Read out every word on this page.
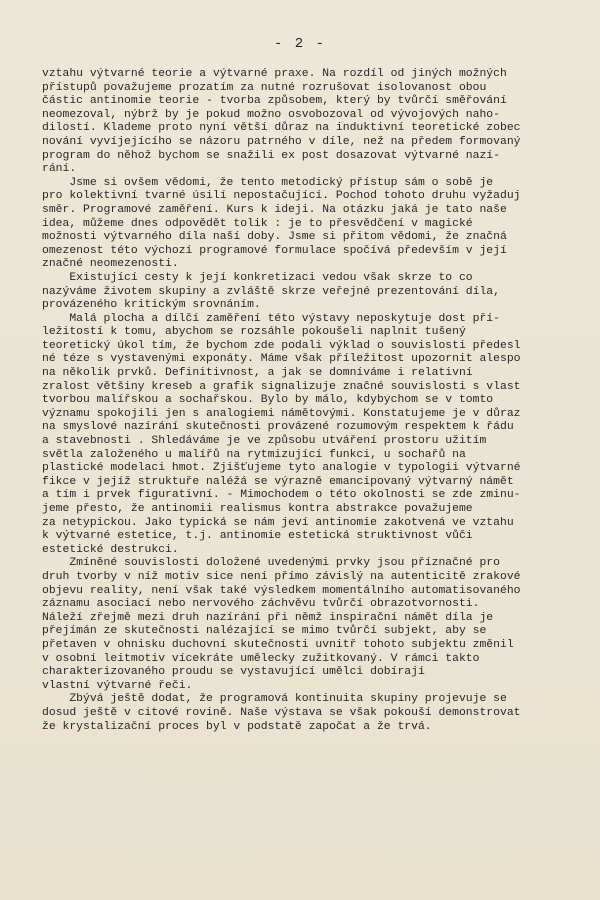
- 2 -
vztahu výtvarné teorie a výtvarné praxe. Na rozdíl od jiných možných
přístupů považujeme prozatím za nutné rozrušovat isolovanost obou
částic antinomie teorie - tvorba způsobem, který by tvůrčí směřování
neomezoval, nýbrž by je pokud možno osvobozoval od vývojových naho-
dilostí. Klademe proto nyní větší důraz na induktivní teoretické zobec
nování vyvíjejícího se názoru patrného v díle, než na předem formovaný
program do něhož bychom se snažili ex post dosazovat výtvarné nazí-
rání.
Jsme si ovšem vědomi, že tento metodický přístup sám o sobě je
pro kolektivní tvarné úsilí nepostačující. Pochod tohoto druhu vyžaduj
směr. Programové zaměření. Kurs k ideji. Na otázku jaká je tato naše
idea, můžeme dnes odpovědět tolik : je to přesvědčení v magické
možnosti výtvarného díla naší doby. Jsme si přitom vědomi, že značná
omezenost této výchozí programové formulace spočívá především v její
značné neomezenosti.
Existující cesty k její konkretizaci vedou však skrze to co
nazýváme životem skupiny a zvláště skrze veřejné prezentování díla,
provázeného kritickým srovnáním.
Malá plocha a dílčí zaměření této výstavy neposkytuje dost pří-
ležitostí k tomu, abychom se rozsáhle pokoušeli naplnit tušený
teoretický úkol tím, že bychom zde podali výklad o souvislosti předesl
né téze s vystavenými exponáty. Máme však příležitost upozornit alespo
na několik prvků. Definitivnost, a jak se domníváme i relativní
zralost většiny kreseb a grafik signalizuje značné souvislosti s vlast
tvorbou malířskou a sochařskou. Bylo by málo, kdybychom se v tomto
významu spokojili jen s analogiemi námětovými. Konstatujeme je v důraz
na smyslové nazírání skutečnosti provázené rozumovým respektem k řádu
a stavebnosti . Shledáváme je ve způsobu utváření prostoru užitím
světla založeného u malířů na rytmizující funkci, u sochařů na
plastické modelaci hmot. Zjišťujeme tyto analogie v typologii výtvarné
fikce v jejíž struktuře naléžá se výrazně emancipovaný výtvarný námět
a tím i prvek figurativní. - Mimochodem o této okolnosti se zde zminu-
jeme přesto, že antinomii realismus kontra abstrakce považujeme
za netypickou. Jako typická se nám jeví antinomie zakotvená ve vztahu
k výtvarné estetice, t.j. antinomie estetická struktivnost vůči
estetické destrukci.
Zmíněné souvislosti doložené uvedenými prvky jsou příznačné pro
druh tvorby v níž motiv sice není přímo závislý na autenticitě zrakové
objevu reality, není však také výsledkem momentálního automatisovaného
záznamu asociací nebo nervového záchvěvu tvůrčí obrazotvornosti.
Náleží zřejmě mezi druh nazírání při němž inspirační námět díla je
přejímán ze skutečnosti nalézající se mimo tvůrčí subjekt, aby se
přetaven v ohnisku duchovní skutečnosti uvnitř tohoto subjektu změnil
v osobní leitmotiv vícekráte umělecky zužitkovaný. V rámci takto
charakterizovaného proudu se vystavující umělci dobírají
vlastní výtvarné řeči.
Zbývá ještě dodat, že programová kontinuita skupiny projevuje se
dosud ještě v citové rovině. Naše výstava se však pokouší demonstrovat
že krystalizační proces byl v podstatě započat a že trvá.
